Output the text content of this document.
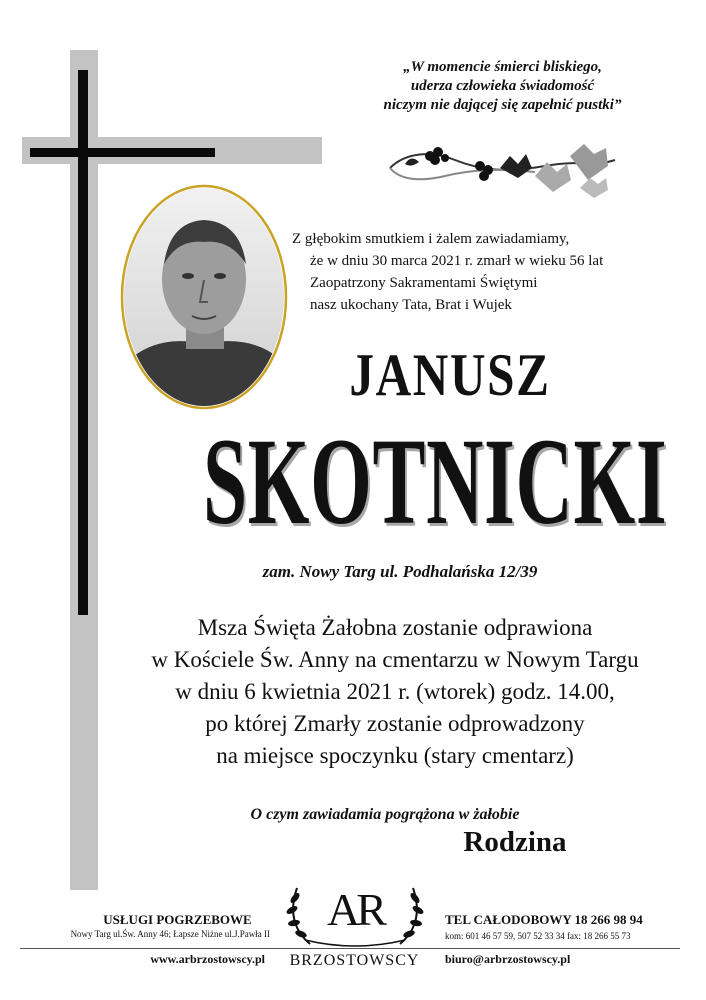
„W momencie śmierci bliskiego,
uderza człowieka świadomość
niczym nie dającej się zapełnić pustki”
Z głębokim smutkiem i żalem zawiadamiamy,
że w dniu 30 marca 2021 r. zmarł w wieku 56 lat
Zaopatrzony Sakramentami Świętymi
nasz ukochany Tata, Brat i Wujek
JANUSZ
SKOTNICKI
zam. Nowy Targ ul. Podhalańska 12/39
Msza Święta Żałobna zostanie odprawiona
w Kościele Św. Anny na cmentarzu w Nowym Targu
w dniu 6 kwietnia 2021 r. (wtorek) godz. 14.00,
po której Zmarły zostanie odprowadzony
na miejsce spoczynku (stary cmentarz)
O czym zawiadamia pogrążona w żałobie
Rodzina
USŁUGI POGRZEBOWE
Nowy Targ ul.Św. Anny 46; Łapsze Niżne ul.J.Pawła II
www.arbrzostowscy.pl
AR
BRZOSTOWSCY
TEL CAŁODOBOWY 18 266 98 94
kom: 601 46 57 59, 507 52 33 34 fax: 18 266 55 73
biuro@arbrzostowscy.pl
